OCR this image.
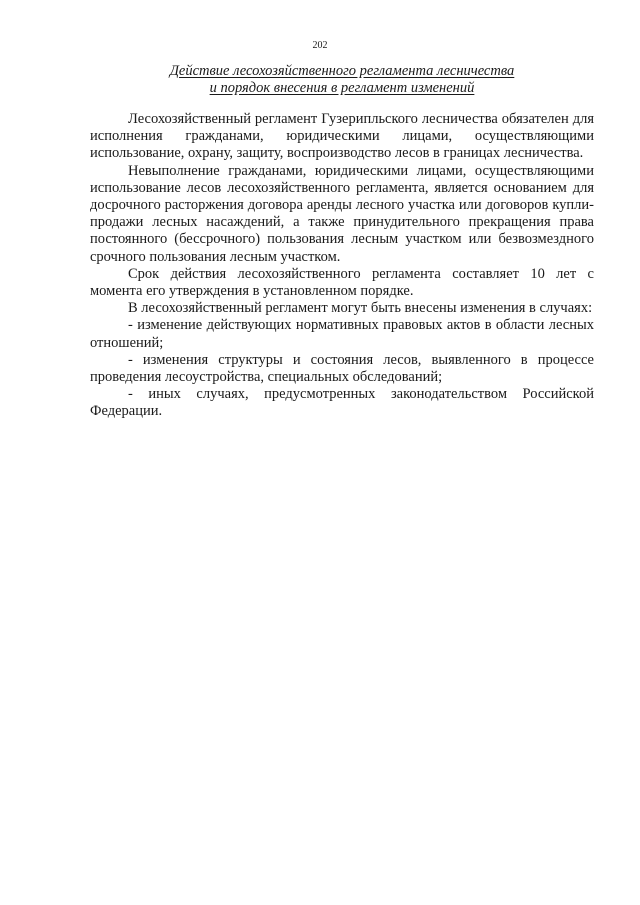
202
Действие лесохозяйственного регламента лесничества
и порядок внесения в регламент изменений

Лесохозяйственный регламент Гузерипльского лесничества обязателен для исполнения гражданами, юридическими лицами, осуществляющими использование, охрану, защиту, воспроизводство лесов в границах лесничества.

Невыполнение гражданами, юридическими лицами, осуществляющими использование лесов лесохозяйственного регламента, является основанием для досрочного расторжения договора аренды лесного участка или договоров купли-продажи лесных насаждений, а также принудительного прекращения права постоянного (бессрочного) пользования лесным участком или безвозмездного срочного пользования лесным участком.

Срок действия лесохозяйственного регламента составляет 10 лет с момента его утверждения в установленном порядке.

В лесохозяйственный регламент могут быть внесены изменения в случаях:

- изменение действующих нормативных правовых актов в области лесных отношений;

- изменения структуры и состояния лесов, выявленного в процессе проведения лесоустройства, специальных обследований;

- иных случаях, предусмотренных законодательством Российской Федерации.
